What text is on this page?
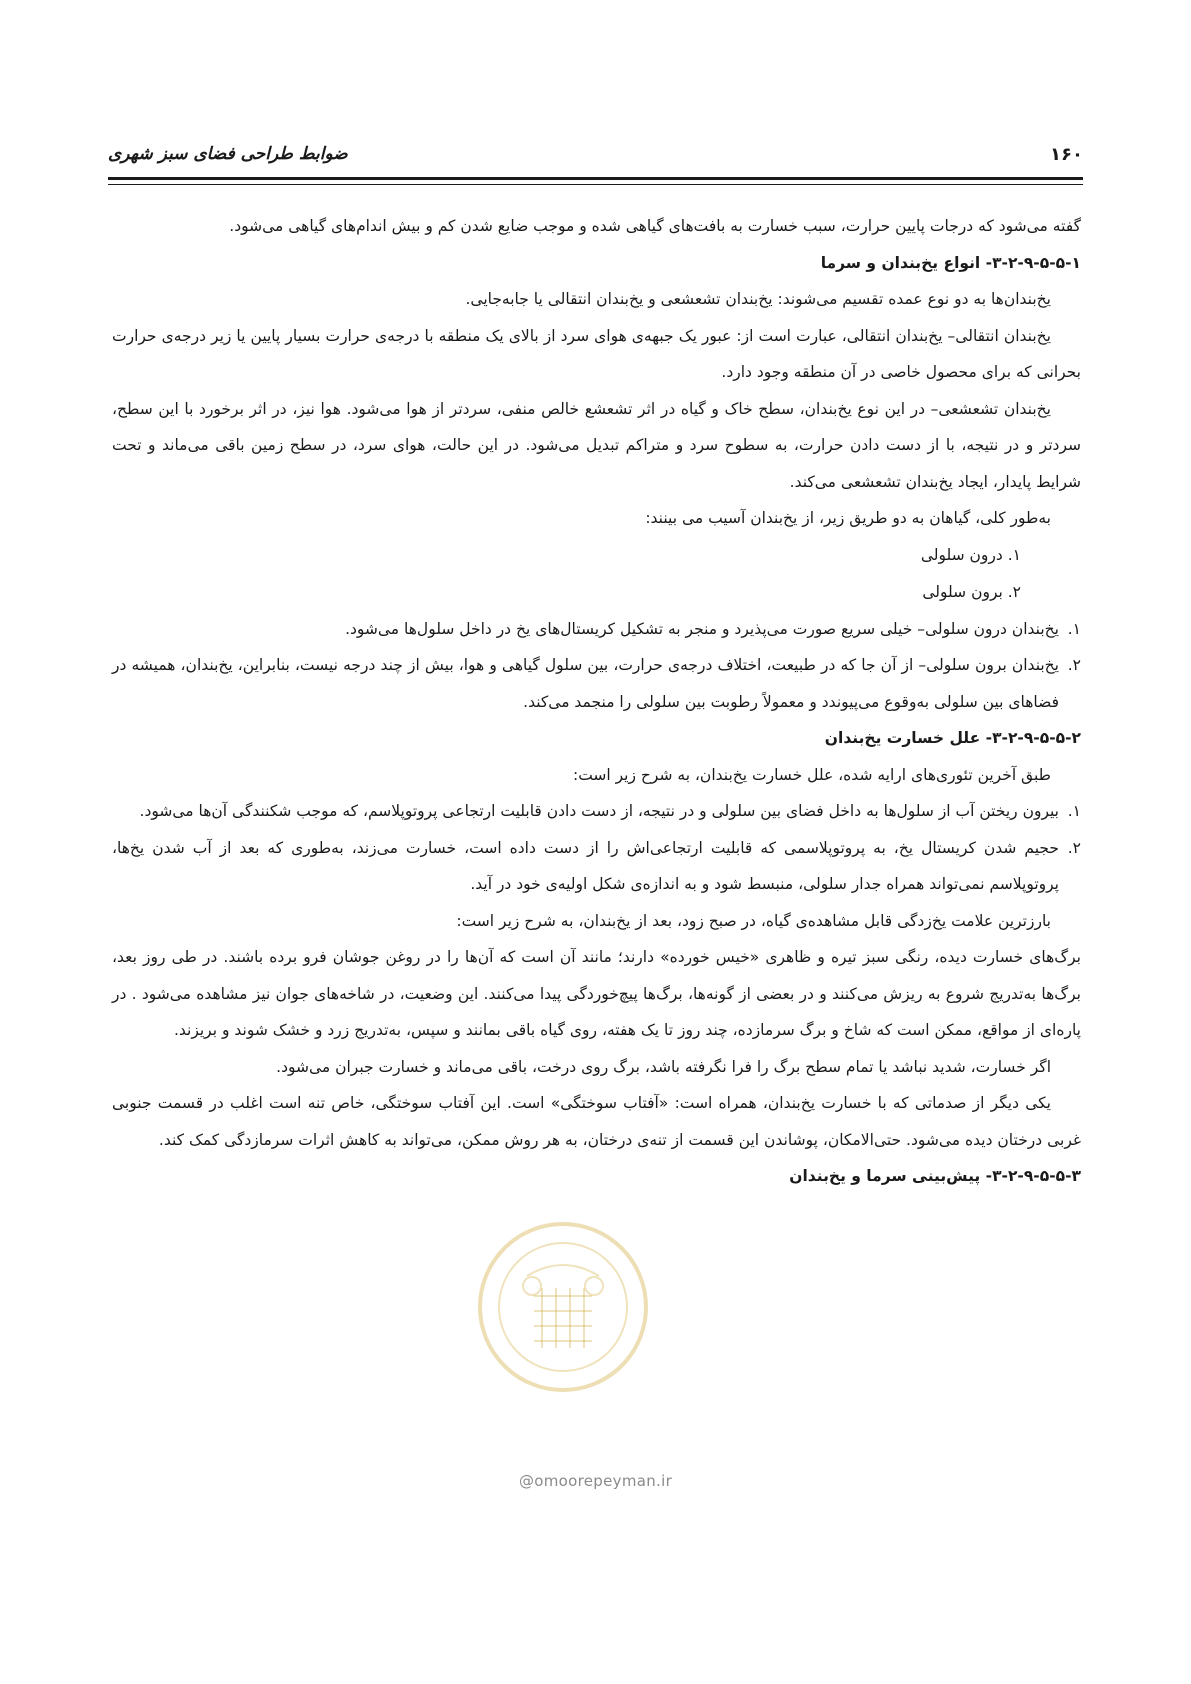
ضوابط طراحی فضای سبز شهری	۱۶۰

گفته می‌شود که درجات پایین حرارت، سبب خسارت به بافت‌های گیاهی شده و موجب ضایع شدن کم و بیش اندام‌های گیاهی می‌شود.

۳-۲-۹-۵-۵-۱- انواع یخ‌بندان و سرما

یخ‌بندان‌ها به دو نوع عمده تقسیم می‌شوند: یخ‌بندان تشعشعی و یخ‌بندان انتقالی یا جابه‌جایی.

یخ‌بندان انتقالی– یخ‌بندان انتقالی، عبارت است از: عبور یک جبهه‌ی هوای سرد از بالای یک منطقه با درجه‌ی حرارت بسیار پایین یا زیر درجه‌ی حرارت بحرانی که برای محصول خاصی در آن منطقه وجود دارد.

یخ‌بندان تشعشعی– در این نوع یخ‌بندان، سطح خاک و گیاه در اثر تشعشع خالص منفی، سردتر از هوا می‌شود. هوا نیز، در اثر برخورد با این سطح، سردتر و در نتیجه، با از دست دادن حرارت، به سطوح سرد و متراکم تبدیل می‌شود. در این حالت، هوای سرد، در سطح زمین باقی می‌ماند و تحت شرایط پایدار، ایجاد یخ‌بندان تشعشعی می‌کند.

به‌طور کلی، گیاهان به دو طریق زیر، از یخ‌بندان آسیب می بینند:

۱. درون سلولی
۲. برون سلولی

۱.یخ‌بندان درون سلولی– خیلی سریع صورت می‌پذیرد و منجر به تشکیل کریستال‌های یخ در داخل سلول‌ها می‌شود.

۲.یخ‌بندان برون سلولی– از آن جا که در طبیعت، اختلاف درجه‌ی حرارت، بین سلول گیاهی و هوا، بیش از چند درجه نیست، بنابراین، یخ‌بندان، همیشه در فضاهای بین سلولی به‌وقوع می‌پیوندد و معمولاً رطوبت بین سلولی را منجمد می‌کند.

۳-۲-۹-۵-۵-۲- علل خسارت یخ‌بندان

طبق آخرین تئوری‌های ارایه شده، علل خسارت یخ‌بندان، به شرح زیر است:

۱.بیرون ریختن آب از سلول‌ها به داخل فضای بین سلولی و در نتیجه، از دست دادن قابلیت ارتجاعی پروتوپلاسم، که موجب شکنندگی آن‌ها می‌شود.

۲.حجیم شدن کریستال یخ، به پروتوپلاسمی که قابلیت ارتجاعی‌اش را از دست داده است، خسارت می‌زند، به‌طوری که بعد از آب شدن یخ‌ها، پروتوپلاسم نمی‌تواند همراه جدار سلولی، منبسط شود و به اندازه‌ی شکل اولیه‌ی خود در آید.

بارزترین علامت یخ‌زدگی قابل مشاهده‌ی گیاه، در صبح زود، بعد از یخ‌بندان، به شرح زیر است:

برگ‌های خسارت دیده، رنگی سبز تیره و ظاهری «خیس خورده» دارند؛ مانند آن است که آن‌ها را در روغن جوشان فرو برده باشند. در طی روز بعد، برگ‌ها به‌تدریج شروع به ریزش می‌کنند و در بعضی از گونه‌ها، برگ‌ها پیچ‌خوردگی پیدا می‌کنند. این وضعیت، در شاخه‌های جوان نیز مشاهده می‌شود . در پاره‌ای از مواقع، ممکن است که شاخ و برگ سرمازده، چند روز تا یک هفته، روی گیاه باقی بمانند و سپس، به‌تدریج زرد و خشک شوند و بریزند.

اگر خسارت، شدید نباشد یا تمام سطح برگ را فرا نگرفته باشد، برگ روی درخت، باقی می‌ماند و خسارت جبران می‌شود.

یکی دیگر از صدماتی که با خسارت یخ‌بندان، همراه است: «آفتاب سوختگی» است. این آفتاب سوختگی، خاص تنه است اغلب در قسمت جنوبی غربی درختان دیده می‌شود. حتی‌الامکان، پوشاندن این قسمت از تنه‌ی درختان، به هر روش ممکن، می‌تواند به کاهش اثرات سرمازدگی کمک کند.

۳-۲-۹-۵-۵-۳- پیش‌بینی سرما و یخ‌بندان

@omoorepeyman.ir
